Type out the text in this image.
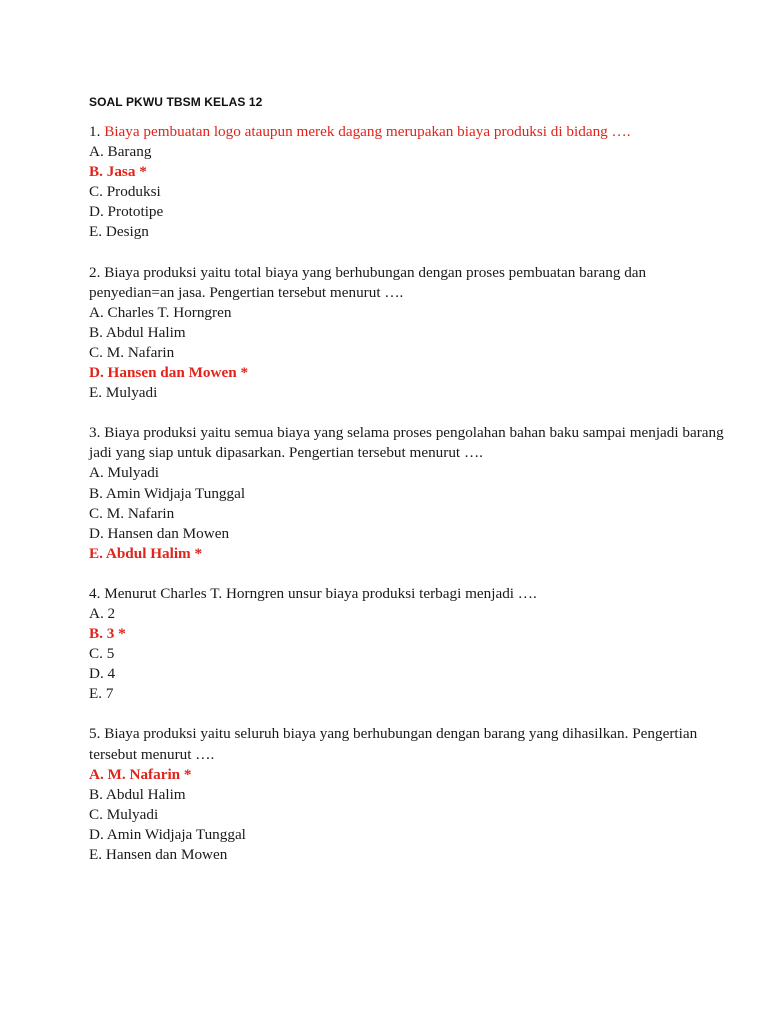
SOAL PKWU TBSM KELAS 12
1. Biaya pembuatan logo ataupun merek dagang merupakan biaya produksi di bidang ….
A. Barang
B. Jasa *
C. Produksi
D. Prototipe
E. Design
2. Biaya produksi yaitu total biaya yang berhubungan dengan proses pembuatan barang dan penyedian=an jasa. Pengertian tersebut menurut ….
A. Charles T. Horngren
B. Abdul Halim
C. M. Nafarin
D. Hansen dan Mowen *
E. Mulyadi
3. Biaya produksi yaitu semua biaya yang selama proses pengolahan bahan baku sampai menjadi barang jadi yang siap untuk dipasarkan. Pengertian tersebut menurut ….
A. Mulyadi
B. Amin Widjaja Tunggal
C. M. Nafarin
D. Hansen dan Mowen
E. Abdul Halim *
4. Menurut Charles T. Horngren unsur biaya produksi terbagi menjadi ….
A. 2
B. 3 *
C. 5
D. 4
E. 7
5. Biaya produksi yaitu seluruh biaya yang berhubungan dengan barang yang dihasilkan. Pengertian tersebut menurut ….
A. M. Nafarin *
B. Abdul Halim
C. Mulyadi
D. Amin Widjaja Tunggal
E. Hansen dan Mowen
